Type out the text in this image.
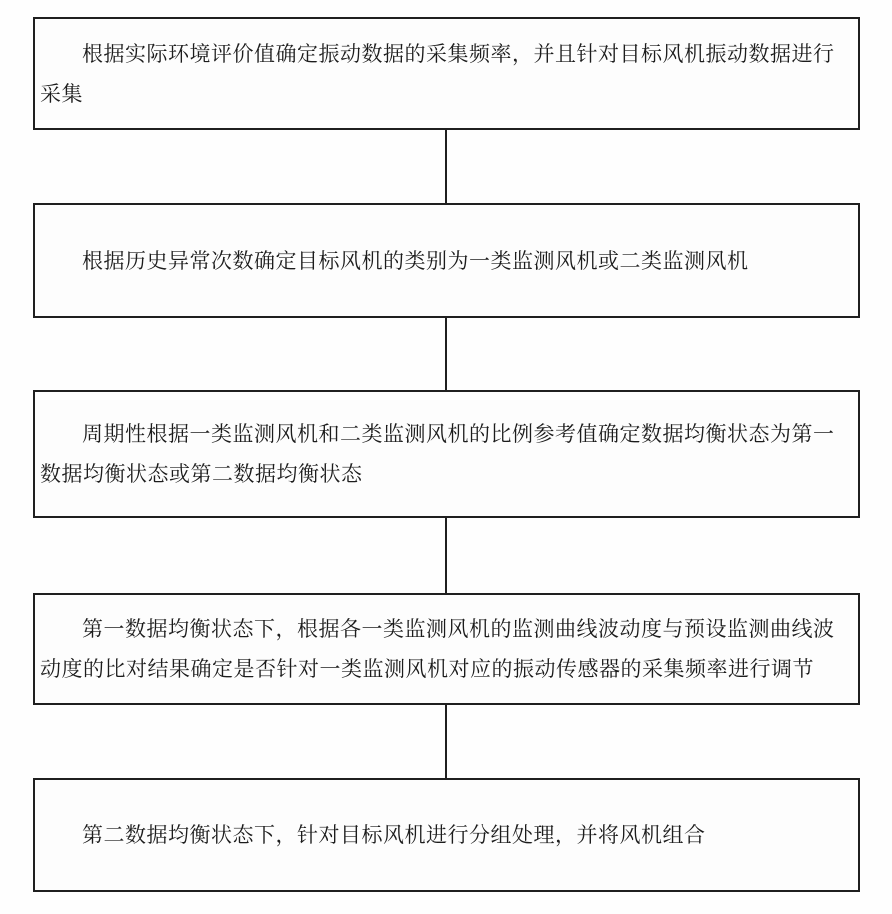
根据实际环境评价值确定振动数据的采集频率，并且针对目标风机振动数据进行采集
根据历史异常次数确定目标风机的类别为一类监测风机或二类监测风机
周期性根据一类监测风机和二类监测风机的比例参考值确定数据均衡状态为第一数据均衡状态或第二数据均衡状态
第一数据均衡状态下，根据各一类监测风机的监测曲线波动度与预设监测曲线波动度的比对结果确定是否针对一类监测风机对应的振动传感器的采集频率进行调节
第二数据均衡状态下，针对目标风机进行分组处理，并将风机组合
